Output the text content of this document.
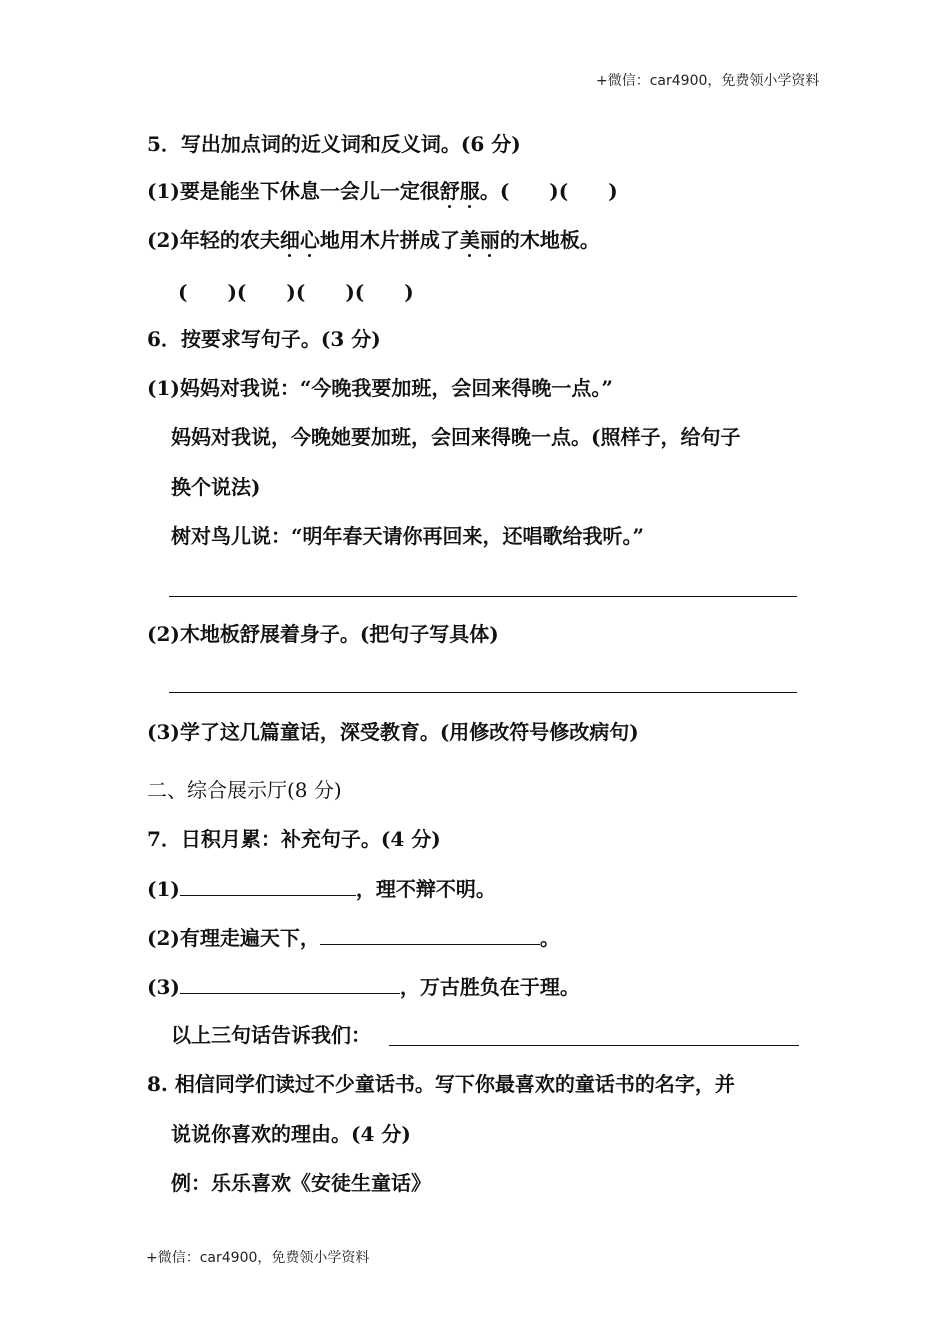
+微信：car4900，免费领小学资料
5．写出加点词的近义词和反义词。(6 分)
(1)要是能坐下休息一会儿一定很舒服。(　　)(　　)
(2)年轻的农夫细心地用木片拼成了美丽的木地板。
(　　)(　　)(　　)(　　)
6．按要求写句子。(3 分)
(1)妈妈对我说：“今晚我要加班，会回来得晚一点。”
妈妈对我说，今晚她要加班，会回来得晚一点。(照样子，给句子
换个说法)
树对鸟儿说：“明年春天请你再回来，还唱歌给我听。”
(2)木地板舒展着身子。(把句子写具体)
(3)学了这几篇童话，深受教育。(用修改符号修改病句)
二、综合展示厅(8 分)
7．日积月累：补充句子。(4 分)
(1)	，理不辩不明。
(2)有理走遍天下，	。
(3)	，万古胜负在于理。
以上三句话告诉我们：
8. 相信同学们读过不少童话书。写下你最喜欢的童话书的名字，并
说说你喜欢的理由。(4 分)
例：乐乐喜欢《安徒生童话》
+微信：car4900，免费领小学资料
